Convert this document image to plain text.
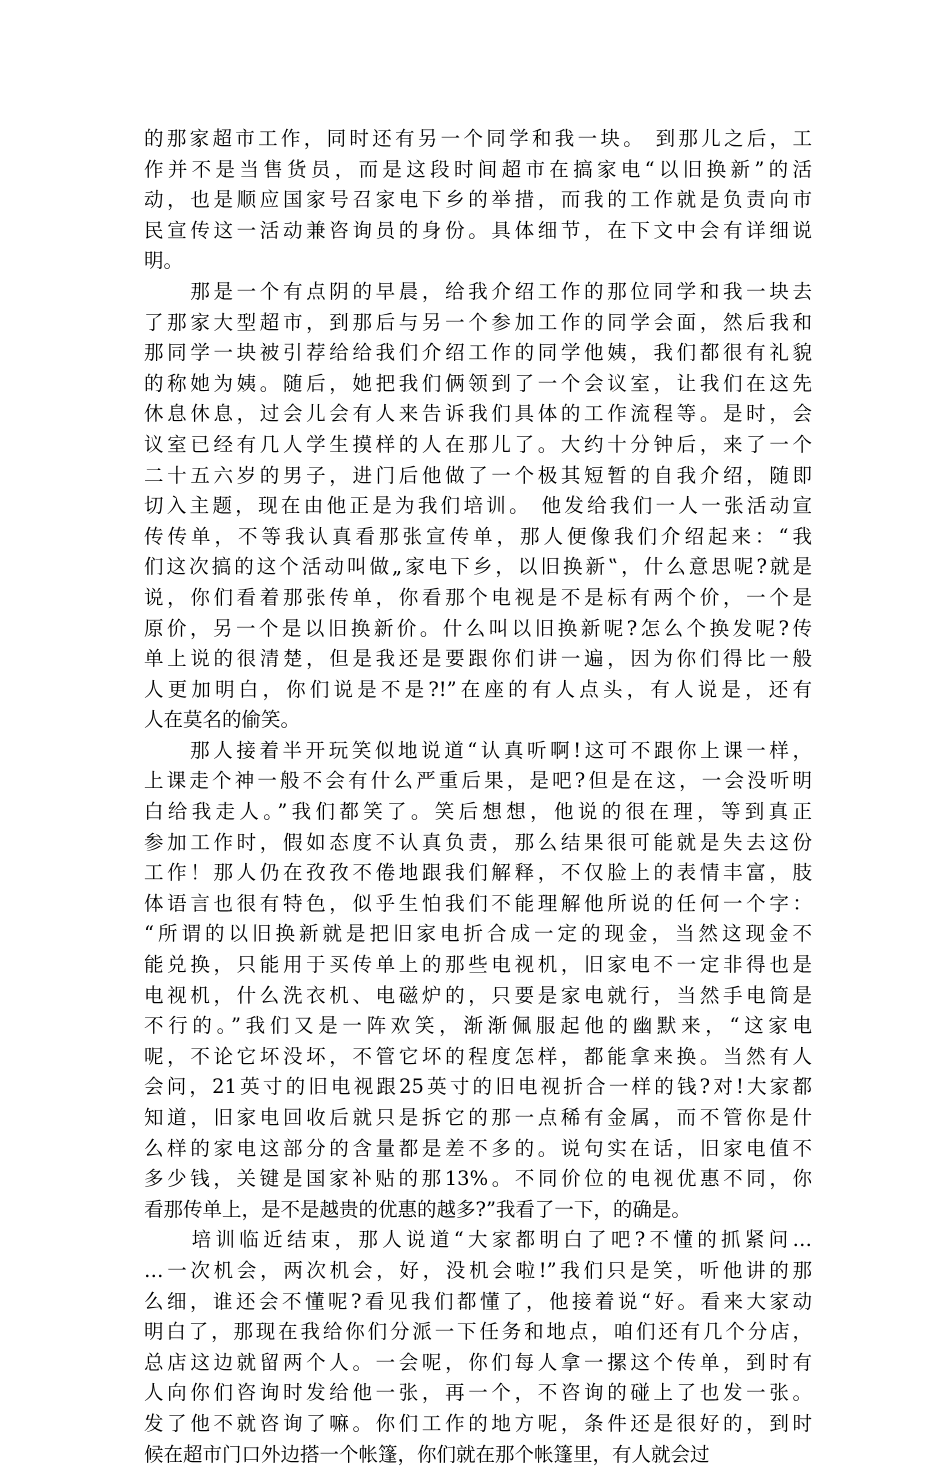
的那家超市工作，同时还有另一个同学和我一块。 到那儿之后，工
作并不是当售货员，而是这段时间超市在搞家电“以旧换新”的活
动，也是顺应国家号召家电下乡的举措，而我的工作就是负责向市
民宣传这一活动兼咨询员的身份。具体细节，在下文中会有详细说
明。
　　那是一个有点阴的早晨，给我介绍工作的那位同学和我一块去
了那家大型超市，到那后与另一个参加工作的同学会面，然后我和
那同学一块被引荐给给我们介绍工作的同学他姨，我们都很有礼貌
的称她为姨。随后，她把我们俩领到了一个会议室，让我们在这先
休息休息，过会儿会有人来告诉我们具体的工作流程等。是时，会
议室已经有几人学生摸样的人在那儿了。大约十分钟后，来了一个
二十五六岁的男子，进门后他做了一个极其短暂的自我介绍，随即
切入主题，现在由他正是为我们培训。 他发给我们一人一张活动宣
传传单，不等我认真看那张宣传单，那人便像我们介绍起来：“我
们这次搞的这个活动叫做„家电下乡，以旧换新‟，什么意思呢?就是
说，你们看着那张传单，你看那个电视是不是标有两个价，一个是
原价，另一个是以旧换新价。什么叫以旧换新呢?怎么个换发呢?传
单上说的很清楚，但是我还是要跟你们讲一遍，因为你们得比一般
人更加明白，你们说是不是?!”在座的有人点头，有人说是，还有
人在莫名的偷笑。
　　那人接着半开玩笑似地说道“认真听啊!这可不跟你上课一样，
上课走个神一般不会有什么严重后果，是吧?但是在这，一会没听明
白给我走人。”我们都笑了。笑后想想，他说的很在理，等到真正
参加工作时，假如态度不认真负责，那么结果很可能就是失去这份
工作！那人仍在孜孜不倦地跟我们解释，不仅脸上的表情丰富，肢
体语言也很有特色，似乎生怕我们不能理解他所说的任何一个字：
“所谓的以旧换新就是把旧家电折合成一定的现金，当然这现金不
能兑换，只能用于买传单上的那些电视机，旧家电不一定非得也是
电视机，什么洗衣机、电磁炉的，只要是家电就行，当然手电筒是
不行的。”我们又是一阵欢笑，渐渐佩服起他的幽默来，“这家电
呢，不论它坏没坏，不管它坏的程度怎样，都能拿来换。当然有人
会问，21英寸的旧电视跟25英寸的旧电视折合一样的钱?对!大家都
知道，旧家电回收后就只是拆它的那一点稀有金属，而不管你是什
么样的家电这部分的含量都是差不多的。说句实在话，旧家电值不
多少钱，关键是国家补贴的那13%。不同价位的电视优惠不同，你
看那传单上，是不是越贵的优惠的越多?”我看了一下，的确是。
　　培训临近结束，那人说道“大家都明白了吧?不懂的抓紧问…
…一次机会，两次机会，好，没机会啦!”我们只是笑，听他讲的那
么细，谁还会不懂呢?看见我们都懂了，他接着说“好。看来大家动
明白了，那现在我给你们分派一下任务和地点，咱们还有几个分店，
总店这边就留两个人。一会呢，你们每人拿一摞这个传单，到时有
人向你们咨询时发给他一张，再一个，不咨询的碰上了也发一张。
发了他不就咨询了嘛。你们工作的地方呢，条件还是很好的，到时
候在超市门口外边搭一个帐篷，你们就在那个帐篷里，有人就会过
